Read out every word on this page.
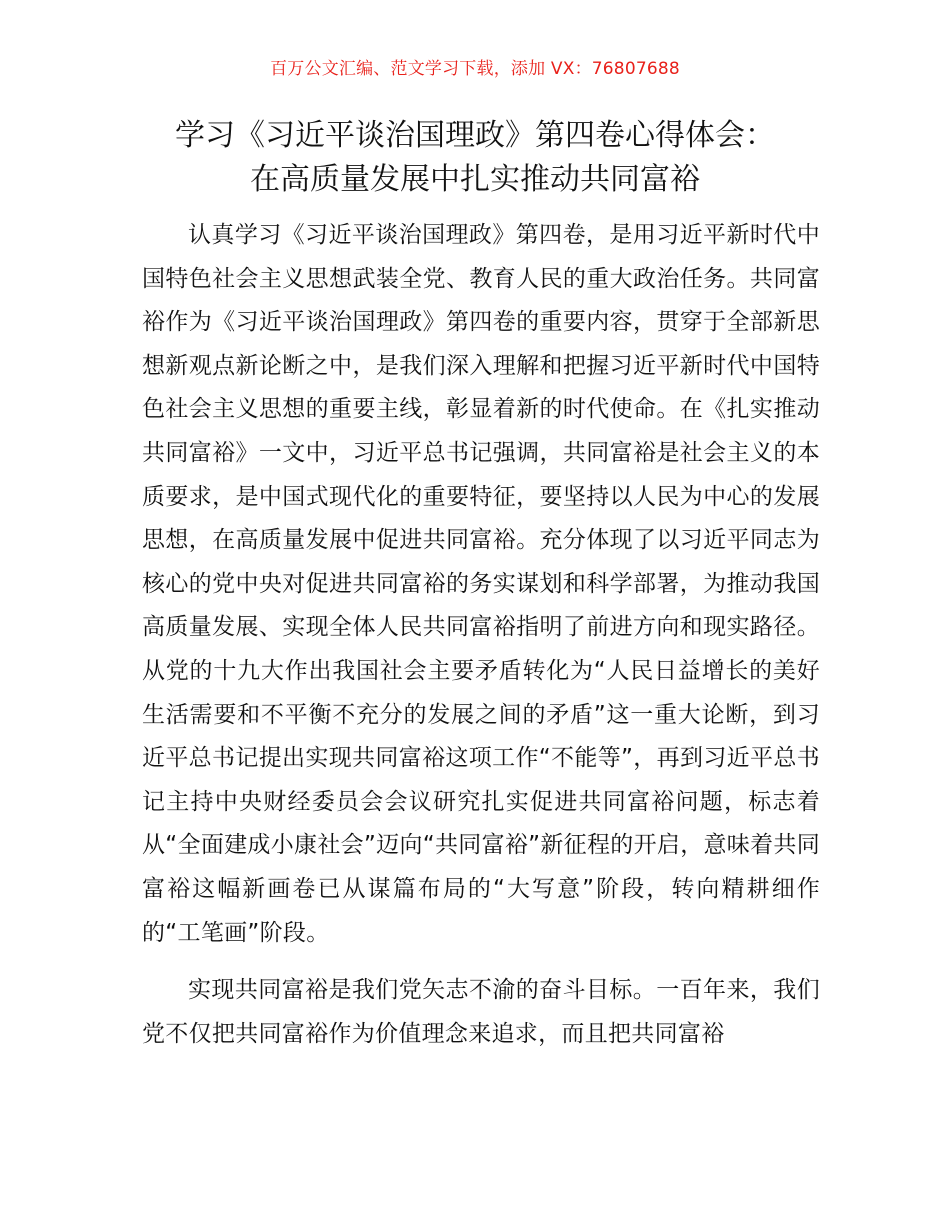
百万公文汇编、范文学习下载，添加 VX：76807688
学习《习近平谈治国理政》第四卷心得体会：
在高质量发展中扎实推动共同富裕

认真学习《习近平谈治国理政》第四卷，是用习近平新时代中国特色社会主义思想武装全党、教育人民的重大政治任务。共同富裕作为《习近平谈治国理政》第四卷的重要内容，贯穿于全部新思想新观点新论断之中，是我们深入理解和把握习近平新时代中国特色社会主义思想的重要主线，彰显着新的时代使命。在《扎实推动共同富裕》一文中，习近平总书记强调，共同富裕是社会主义的本质要求，是中国式现代化的重要特征，要坚持以人民为中心的发展思想，在高质量发展中促进共同富裕。充分体现了以习近平同志为核心的党中央对促进共同富裕的务实谋划和科学部署，为推动我国高质量发展、实现全体人民共同富裕指明了前进方向和现实路径。从党的十九大作出我国社会主要矛盾转化为“人民日益增长的美好生活需要和不平衡不充分的发展之间的矛盾”这一重大论断，到习近平总书记提出实现共同富裕这项工作“不能等”，再到习近平总书记主持中央财经委员会会议研究扎实促进共同富裕问题，标志着从“全面建成小康社会”迈向“共同富裕”新征程的开启，意味着共同富裕这幅新画卷已从谋篇布局的“大写意”阶段，转向精耕细作的“工笔画”阶段。

实现共同富裕是我们党矢志不渝的奋斗目标。一百年来，我们党不仅把共同富裕作为价值理念来追求，而且把共同富裕
